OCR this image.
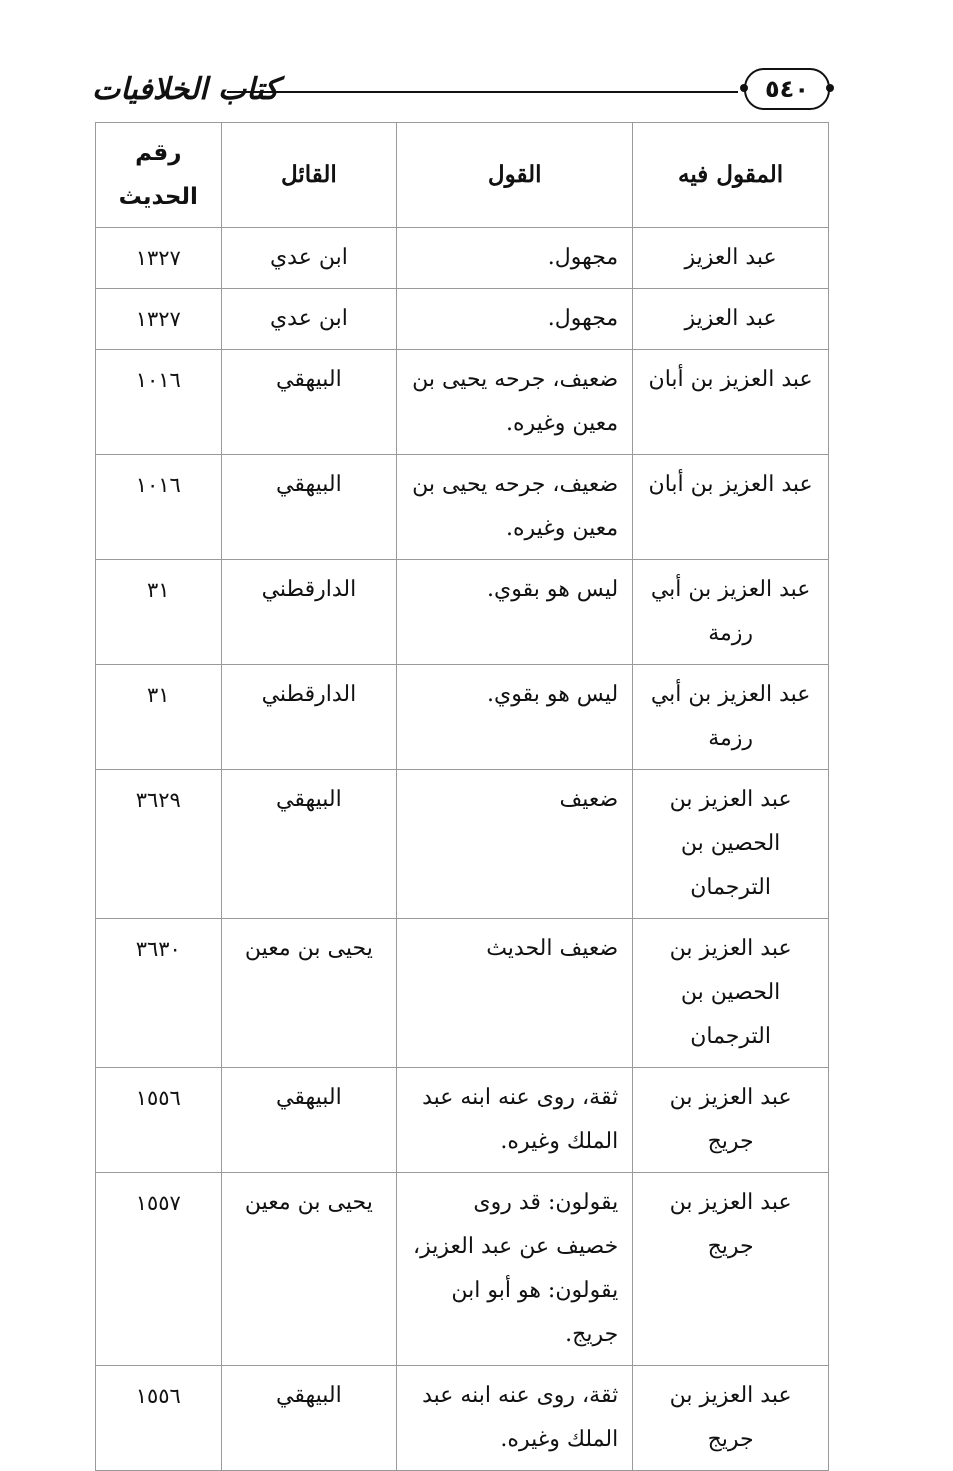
كتاب الخلافيات	٥٤٠
المقول فيه	القول	القائل	رقم الحديث
عبد العزيز	مجهول.	ابن عدي	١٣٢٧
عبد العزيز	مجهول.	ابن عدي	١٣٢٧
عبد العزيز بن أبان	ضعيف، جرحه يحيى بن معين وغيره.	البيهقي	١٠١٦
عبد العزيز بن أبان	ضعيف، جرحه يحيى بن معين وغيره.	البيهقي	١٠١٦
عبد العزيز بن أبي رزمة	ليس هو بقوي.	الدارقطني	٣١
عبد العزيز بن أبي رزمة	ليس هو بقوي.	الدارقطني	٣١
عبد العزيز بن الحصين بن الترجمان	ضعيف	البيهقي	٣٦٢٩
عبد العزيز بن الحصين بن الترجمان	ضعيف الحديث	يحيى بن معين	٣٦٣٠
عبد العزيز بن جريج	ثقة، روى عنه ابنه عبد الملك وغيره.	البيهقي	١٥٥٦
عبد العزيز بن جريج	يقولون: قد روى خصيف عن عبد العزيز، يقولون: هو أبو ابن جريج.	يحيى بن معين	١٥٥٧
عبد العزيز بن جريج	ثقة، روى عنه ابنه عبد الملك وغيره.	البيهقي	١٥٥٦
